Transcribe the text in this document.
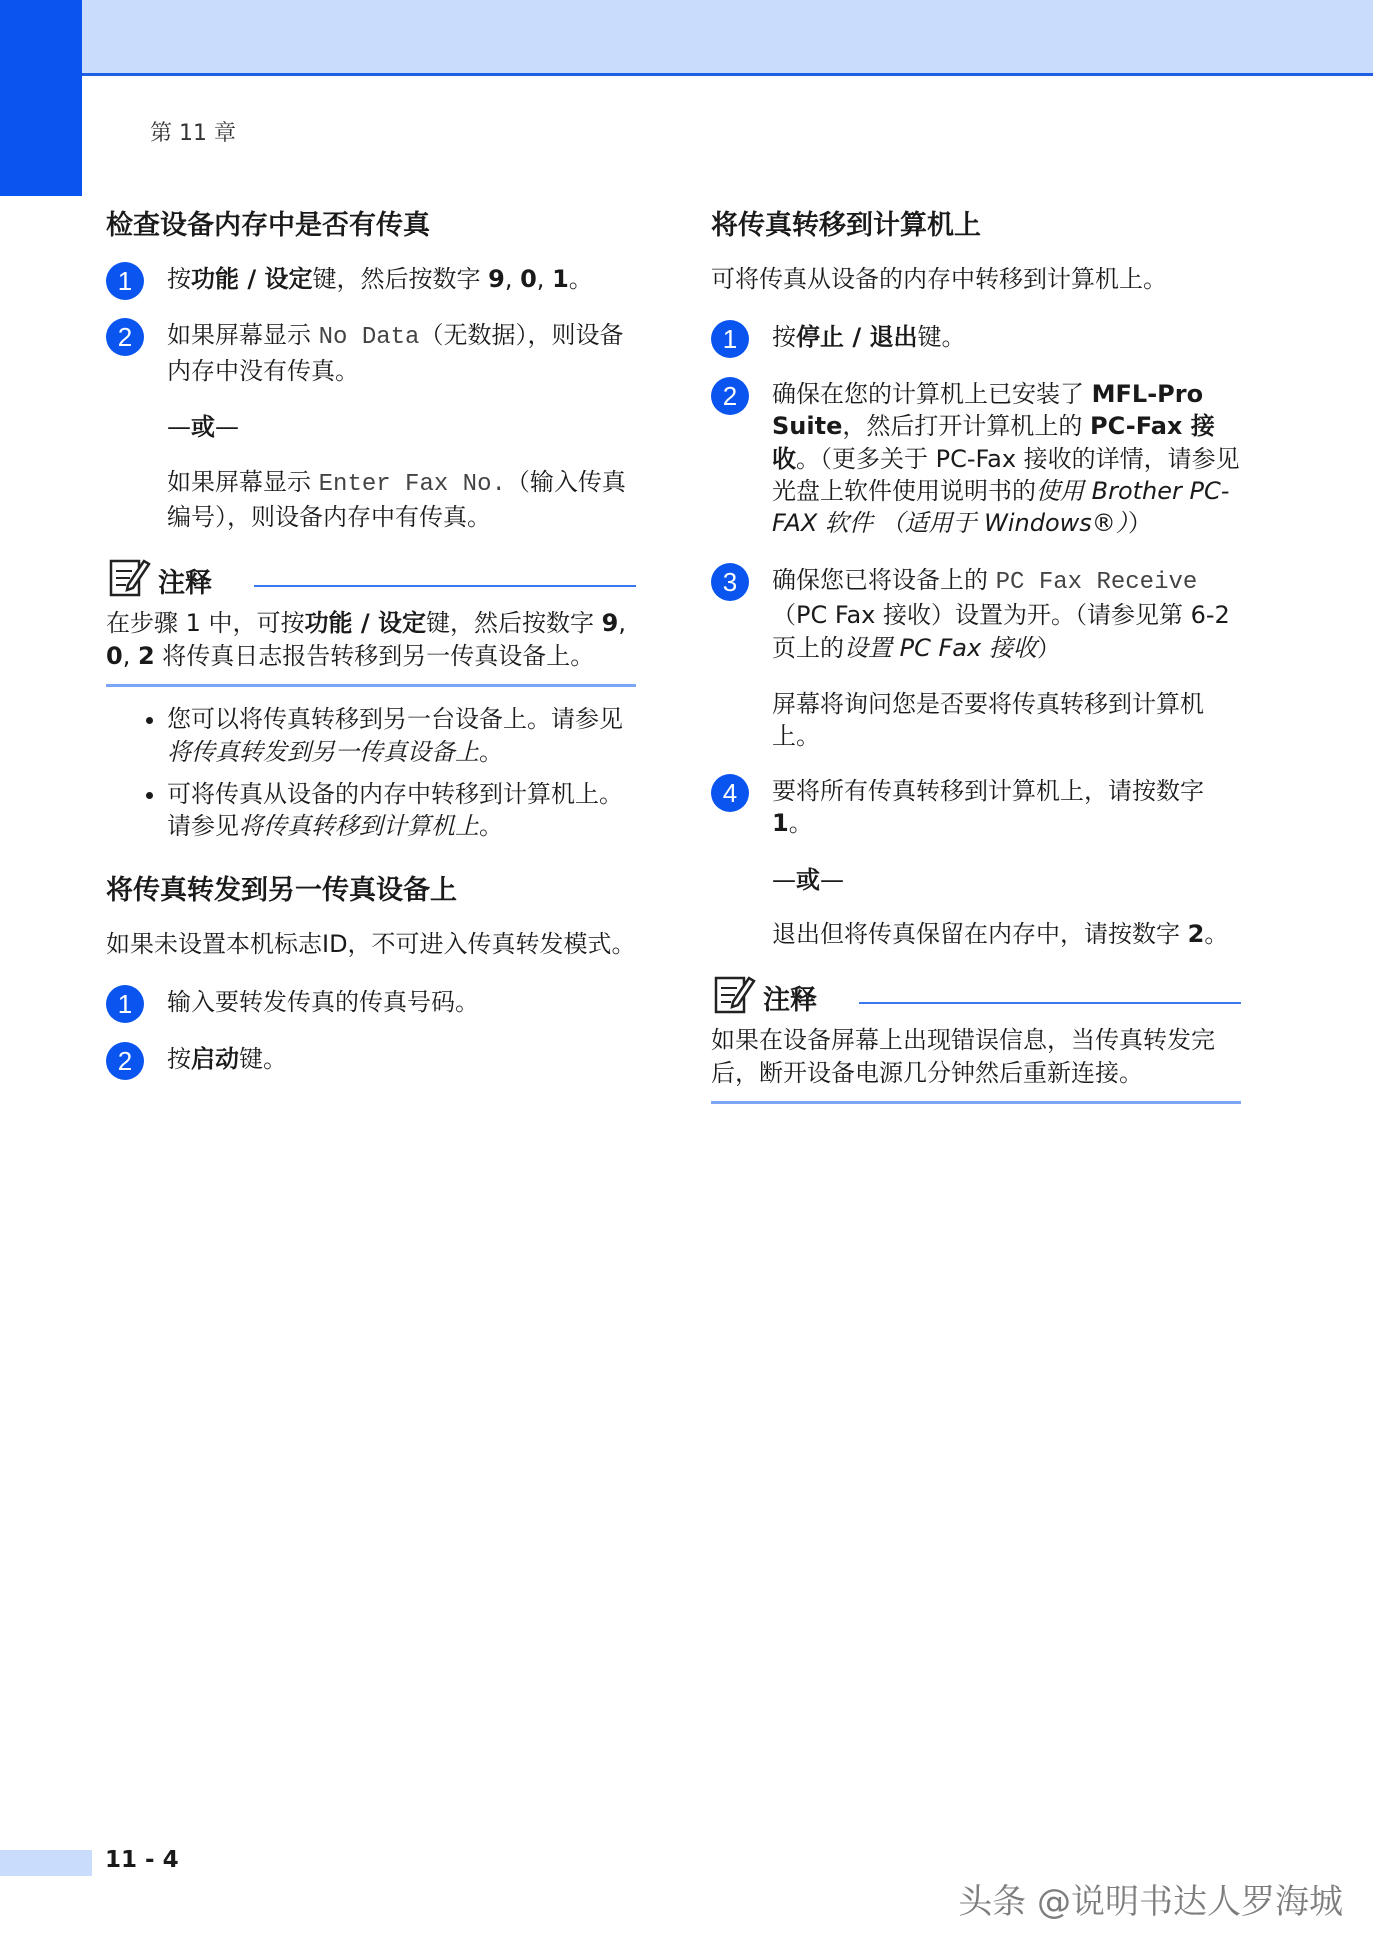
第 11 章
检查设备内存中是否有传真
1	按功能 / 设定键，然后按数字 9, 0, 1。
2	如果屏幕显示 No Data（无数据），则设备内存中没有传真。
—或—
如果屏幕显示 Enter Fax No.（输入传真编号），则设备内存中有传真。
注释
在步骤 1 中，可按功能 / 设定键，然后按数字 9, 0, 2 将传真日志报告转移到另一传真设备上。
• 您可以将传真转移到另一台设备上。请参见将传真转发到另一传真设备上。
• 可将传真从设备的内存中转移到计算机上。
请参见将传真转移到计算机上。
将传真转发到另一传真设备上
如果未设置本机标志ID，不可进入传真转发模式。
1	输入要转发传真的传真号码。
2	按启动键。
将传真转移到计算机上
可将传真从设备的内存中转移到计算机上。
1	按停止 / 退出键。
2	确保在您的计算机上已安装了 MFL-Pro Suite，然后打开计算机上的 PC-Fax 接收。（更多关于 PC-Fax 接收的详情，请参见光盘上软件使用说明书的使用 Brother PC-FAX 软件 （适用于 Windows®））
3	确保您已将设备上的 PC Fax Receive（PC Fax 接收）设置为开。（请参见第 6-2 页上的设置 PC Fax 接收）
屏幕将询问您是否要将传真转移到计算机上。
4	要将所有传真转移到计算机上，请按数字 1。
—或—
退出但将传真保留在内存中，请按数字 2。
注释
如果在设备屏幕上出现错误信息，当传真转发完后，断开设备电源几分钟然后重新连接。
11 - 4
头条 @说明书达人罗海城
